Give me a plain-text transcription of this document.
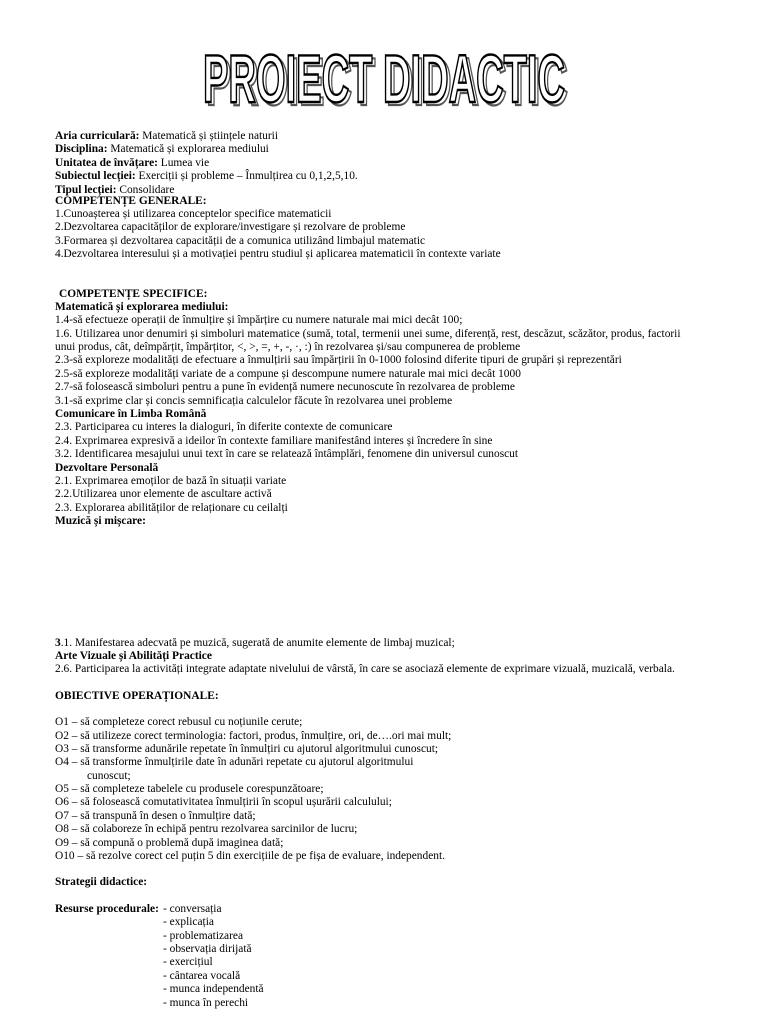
PROIECT DIDACTIC
PROIECT DIDACTIC
Aria curriculară: Matematică și științele naturii
Disciplina: Matematică și explorarea mediului
Unitatea de învățare: Lumea vie
Subiectul lecției: Exerciții și probleme – Înmulțirea cu 0,1,2,5,10.
Tipul lecției: Consolidare
COMPETENȚE GENERALE:
1.Cunoașterea și utilizarea conceptelor specifice matematicii
2.Dezvoltarea capacităților de explorare/investigare și rezolvare de probleme
3.Formarea și dezvoltarea capacității de a comunica utilizând limbajul matematic
4.Dezvoltarea interesului și a motivației pentru studiul și aplicarea matematicii în contexte variate
COMPETENȚE SPECIFICE:
Matematică și explorarea mediului:
1.4-să efectueze operații de înmulțire și împărțire cu numere naturale mai mici decât 100;
1.6. Utilizarea unor denumiri și simboluri matematice (sumă, total, termenii unei sume, diferență, rest, descăzut, scăzător, produs, factorii
unui produs, cât, deîmpărțit, împărțitor, <, >, =, +, -, ·, :) în rezolvarea și/sau compunerea de probleme
2.3-să exploreze modalități de efectuare a înmulțirii sau împărțirii în 0-1000 folosind diferite tipuri de grupări și reprezentări
2.5-să exploreze modalități variate de a compune și descompune numere naturale mai mici decât 1000
2.7-să folosească simboluri pentru a pune în evidență numere necunoscute în rezolvarea de probleme
3.1-să exprime clar și concis semnificația calculelor făcute în rezolvarea unei probleme
Comunicare în Limba Română
2.3. Participarea cu interes la dialoguri, în diferite contexte de comunicare
2.4. Exprimarea expresivă a ideilor în contexte familiare manifestând interes și încredere în sine
3.2. Identificarea mesajului unui text în care se relatează întâmplări, fenomene din universul cunoscut
Dezvoltare Personală
2.1. Exprimarea emoților de bază în situații variate
2.2.Utilizarea unor elemente de ascultare activă
2.3. Explorarea abilităților de relaționare cu ceilalți
Muzică și mișcare:
3.1. Manifestarea adecvată pe muzică, sugerată de anumite elemente de limbaj muzical;
Arte Vizuale și Abilități Practice
2.6. Participarea la activități integrate adaptate nivelului de vârstă, în care se asociază elemente de exprimare vizuală, muzicală, verbala.
OBIECTIVE OPERAȚIONALE:
O1 – să completeze corect rebusul cu noțiunile cerute;
O2 – să utilizeze corect terminologia: factori, produs, înmulțire, ori, de….ori mai mult;
O3 – să transforme adunările repetate în înmulțiri cu ajutorul algoritmului cunoscut;
O4 – să transforme înmulțirile date în adunări repetate cu ajutorul algoritmului
cunoscut;
O5 – să completeze tabelele cu produsele corespunzătoare;
O6 – să folosească comutativitatea înmulțirii în scopul ușurării calculului;
O7 – să transpună în desen o înmulțire dată;
O8 – să colaboreze în echipă pentru rezolvarea sarcinilor de lucru;
O9 – să compună o problemă după imaginea dată;
O10 – să rezolve corect cel puțin 5 din exercițiile de pe fișa de evaluare, independent.
Strategii didactice:
Resurse procedurale: - conversația
- explicația
- problematizarea
- observația dirijată
- exercițiul
- cântarea vocală
- munca independentă
- munca în perechi
